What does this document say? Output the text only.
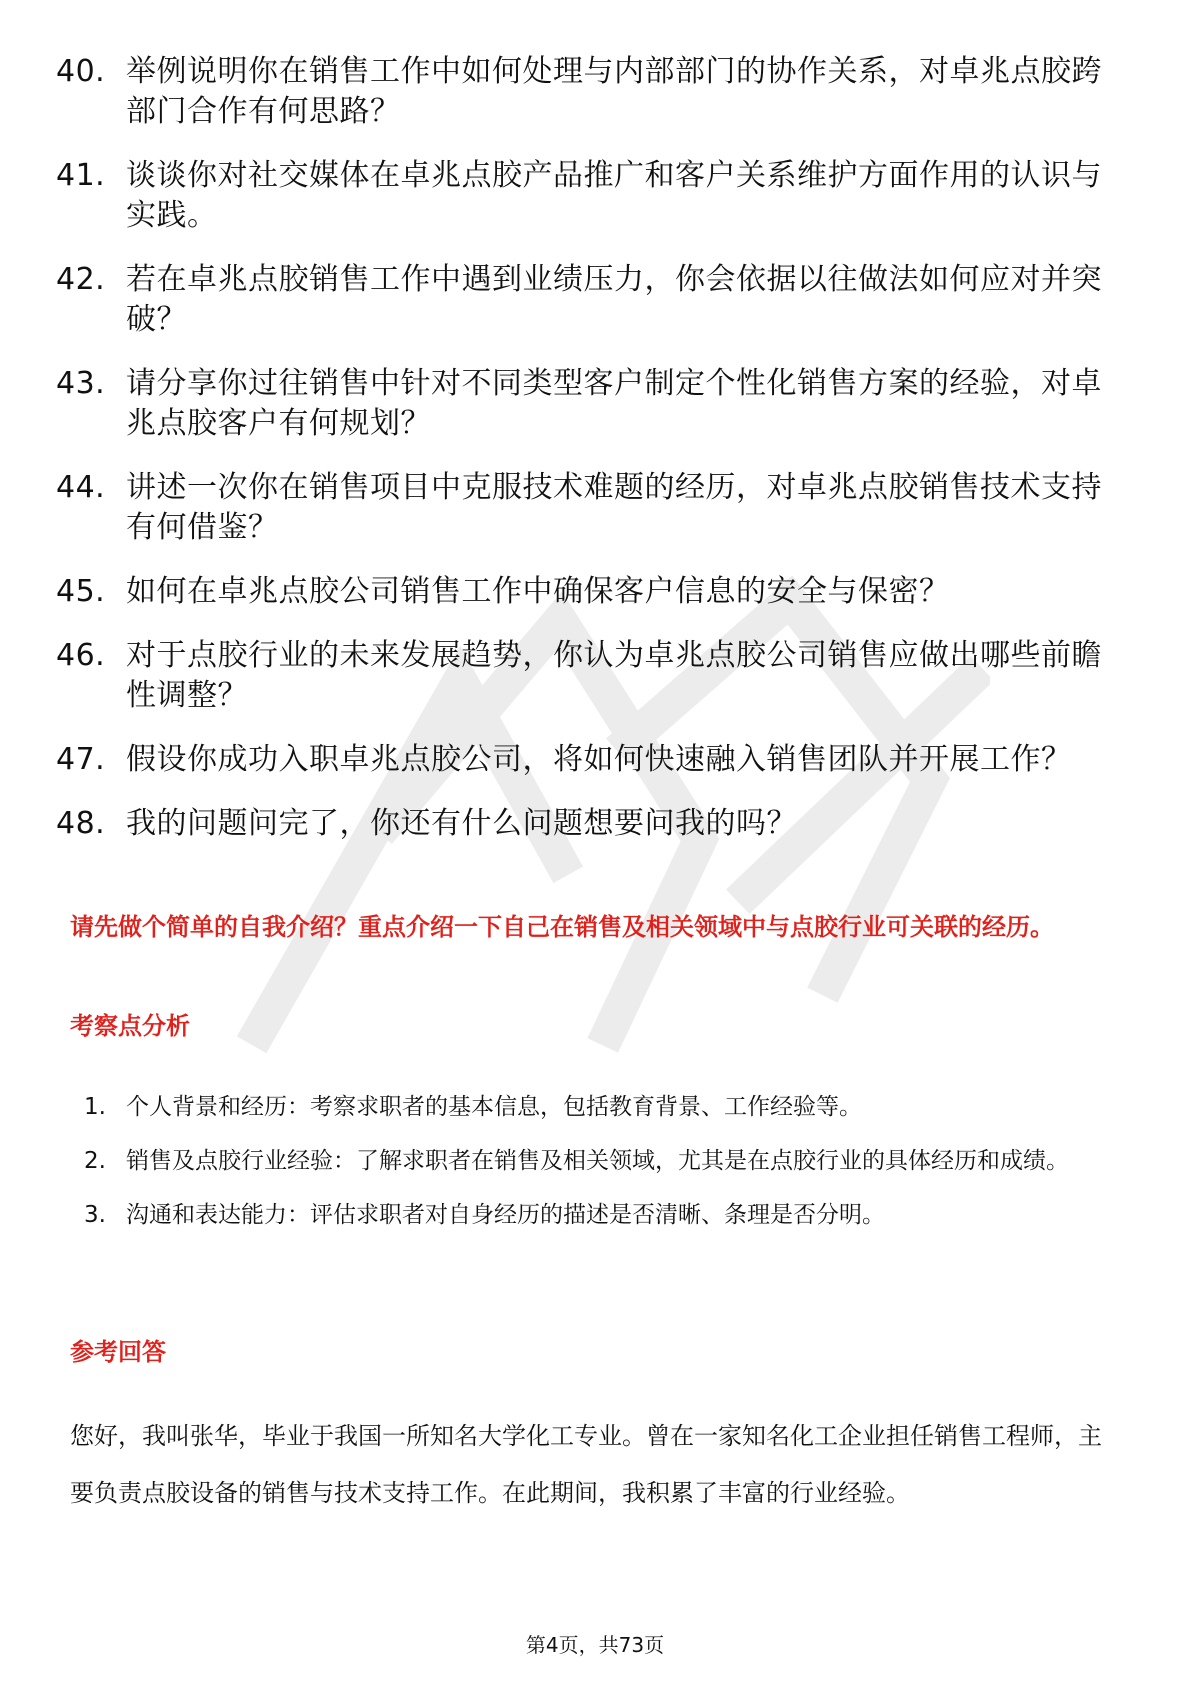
40. 举例说明你在销售工作中如何处理与内部部门的协作关系，对卓兆点胶跨部门合作有何思路？
41. 谈谈你对社交媒体在卓兆点胶产品推广和客户关系维护方面作用的认识与实践。
42. 若在卓兆点胶销售工作中遇到业绩压力，你会依据以往做法如何应对并突破？
43. 请分享你过往销售中针对不同类型客户制定个性化销售方案的经验，对卓兆点胶客户有何规划？
44. 讲述一次你在销售项目中克服技术难题的经历，对卓兆点胶销售技术支持有何借鉴？
45. 如何在卓兆点胶公司销售工作中确保客户信息的安全与保密？
46. 对于点胶行业的未来发展趋势，你认为卓兆点胶公司销售应做出哪些前瞻性调整？
47. 假设你成功入职卓兆点胶公司，将如何快速融入销售团队并开展工作？
48. 我的问题问完了，你还有什么问题想要问我的吗？
请先做个简单的自我介绍？重点介绍一下自己在销售及相关领域中与点胶行业可关联的经历。
考察点分析
1. 个人背景和经历：考察求职者的基本信息，包括教育背景、工作经验等。
2. 销售及点胶行业经验：了解求职者在销售及相关领域，尤其是在点胶行业的具体经历和成绩。
3. 沟通和表达能力：评估求职者对自身经历的描述是否清晰、条理是否分明。
参考回答
您好，我叫张华，毕业于我国一所知名大学化工专业。曾在一家知名化工企业担任销售工程师，主要负责点胶设备的销售与技术支持工作。在此期间，我积累了丰富的行业经验。
第4页，共73页
